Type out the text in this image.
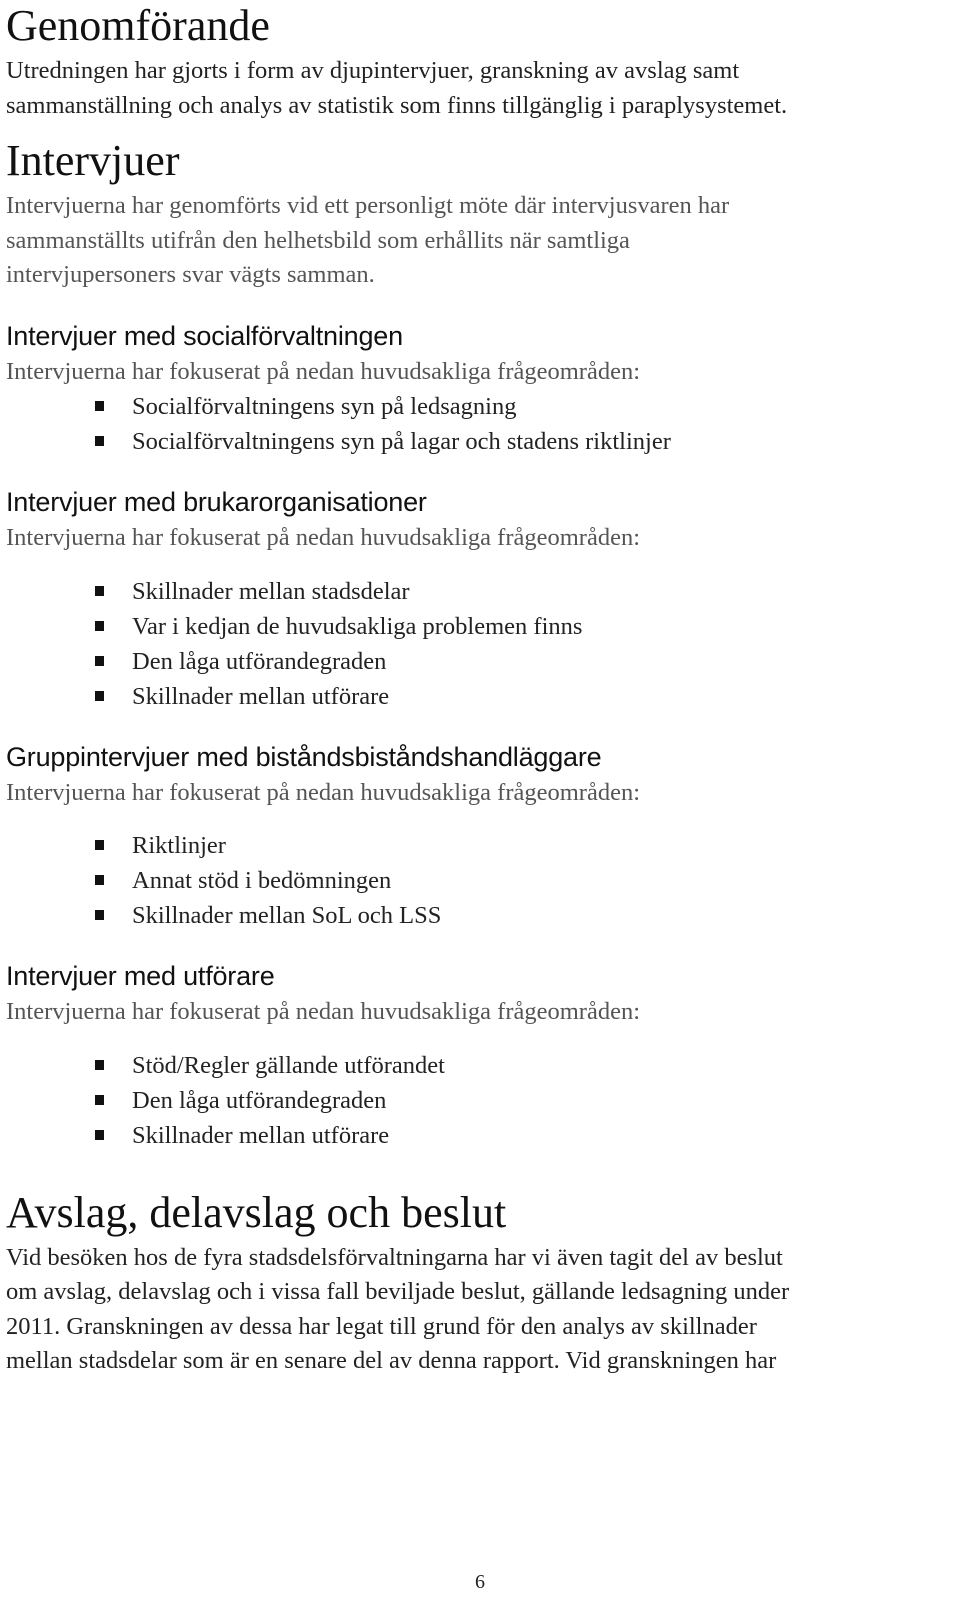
Genomförande

Utredningen har gjorts i form av djupintervjuer, granskning av avslag samt

sammanställning och analys av statistik som finns tillgänglig i paraplysystemet.

Intervjuer

Intervjuerna har genomförts vid ett personligt möte där intervjusvaren har

sammanställts utifrån den helhetsbild som erhållits när samtliga

intervjupersoners svar vägts samman.

Intervjuer med socialförvaltningen

Intervjuerna har fokuserat på nedan huvudsakliga frågeområden:

Socialförvaltningens syn på ledsagning
Socialförvaltningens syn på lagar och stadens riktlinjer
Intervjuer med brukarorganisationer

Intervjuerna har fokuserat på nedan huvudsakliga frågeområden:

Skillnader mellan stadsdelar
Var i kedjan de huvudsakliga problemen finns
Den låga utförandegraden
Skillnader mellan utförare
Gruppintervjuer med biståndsbiståndshandläggare

Intervjuerna har fokuserat på nedan huvudsakliga frågeområden:

Riktlinjer
Annat stöd i bedömningen
Skillnader mellan SoL och LSS
Intervjuer med utförare

Intervjuerna har fokuserat på nedan huvudsakliga frågeområden:

Stöd/Regler gällande utförandet
Den låga utförandegraden
Skillnader mellan utförare
Avslag, delavslag och beslut

Vid besöken hos de fyra stadsdelsförvaltningarna har vi även tagit del av beslut

om avslag, delavslag och i vissa fall beviljade beslut, gällande ledsagning under

2011. Granskningen av dessa har legat till grund för den analys av skillnader

mellan stadsdelar som är en senare del av denna rapport. Vid granskningen har

6
